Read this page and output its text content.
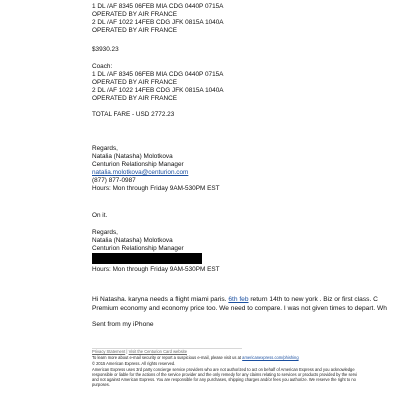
1 DL /AF 8345 06FEB MIA CDG 0440P 0715A
OPERATED BY AIR FRANCE
2 DL /AF 1022 14FEB CDG JFK 0815A 1040A
OPERATED BY AIR FRANCE
$3930.23
Coach:
1 DL /AF 8345 06FEB MIA CDG 0440P 0715A
OPERATED BY AIR FRANCE
2 DL /AF 1022 14FEB CDG JFK 0815A 1040A
OPERATED BY AIR FRANCE
TOTAL FARE - USD 2772.23
Regards,
Natalia (Natasha) Molotkova
Centurion Relationship Manager
natalia.molotkova@centurion.com
(877) 877-0987
Hours: Mon through Friday 9AM-530PM EST
On it.
Regards,
Natalia (Natasha) Molotkova
Centurion Relationship Manager
Hours: Mon through Friday 9AM-530PM EST
Hi Natasha. karyna needs a flight miami paris. 6th feb return 14th to new york . Biz or first class. C
Premium economy and economy price too. We need to compare. I was not given times to depart. Wh
Sent from my iPhone
Privacy Statement | Visit the Centurion Card website
To learn more about e-mail security or report a suspicious e-mail, please visit us at americanexpress.com/phishing
© 2015 American Express. All rights reserved.
American Express uses 3rd party concierge service providers who are not authorized to act on behalf of American Express and you acknowledge
responsible or liable for the actions of the service provider and the only remedy for any claims relating to services or products provided by the servi
and not against American Express. You are responsible for any purchases, shipping charges and/or fees you authorize. We reserve the right to no
purposes.
